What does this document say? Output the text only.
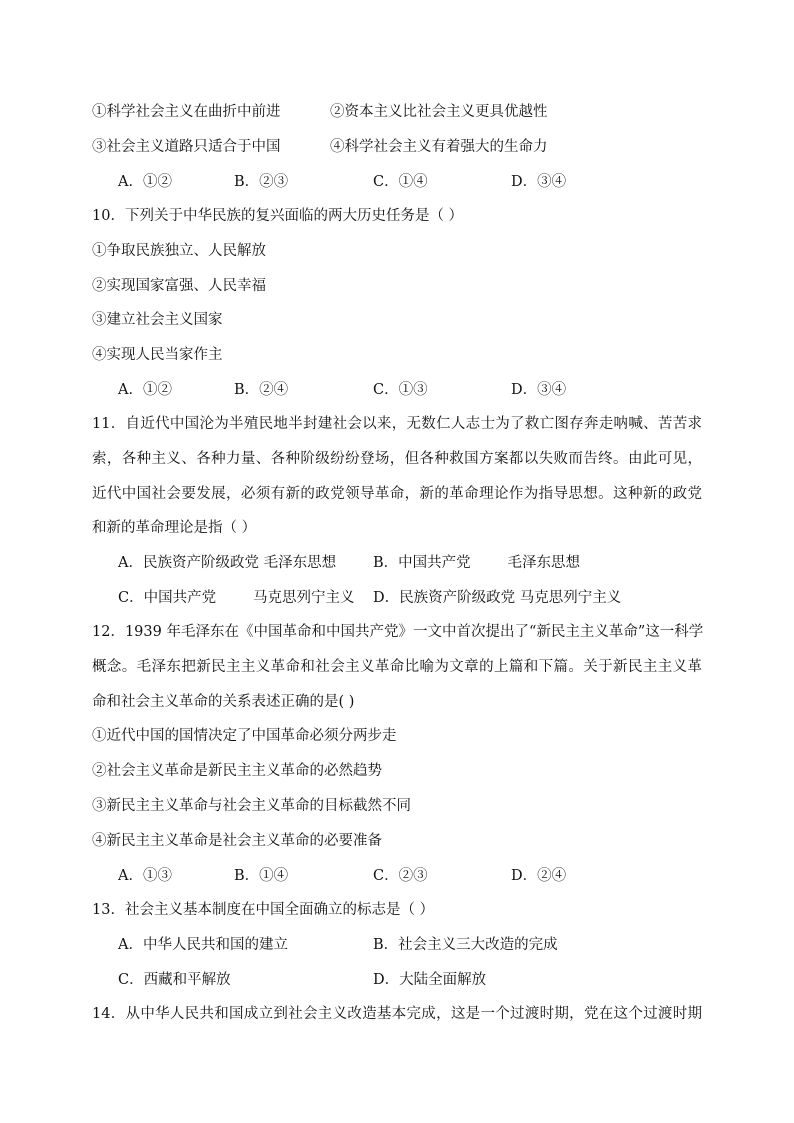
①科学社会主义在曲折中前进	②资本主义比社会主义更具优越性
③社会主义道路只适合于中国	④科学社会主义有着强大的生命力
A．①②	B．②③	C．①④	D．③④
10．下列关于中华民族的复兴面临的两大历史任务是（ ）
①争取民族独立、人民解放
②实现国家富强、人民幸福
③建立社会主义国家
④实现人民当家作主
A．①②	B．②④	C．①③	D．③④
11．自近代中国沦为半殖民地半封建社会以来，无数仁人志士为了救亡图存奔走呐喊、苦苦求
索，各种主义、各种力量、各种阶级纷纷登场，但各种救国方案都以失败而告终。由此可见，
近代中国社会要发展，必须有新的政党领导革命，新的革命理论作为指导思想。这种新的政党
和新的革命理论是指（ ）
A．民族资产阶级政党 毛泽东思想	B．中国共产党        毛泽东思想
C．中国共产党        马克思列宁主义 D．民族资产阶级政党 马克思列宁主义
12．1939 年毛泽东在《中国革命和中国共产党》一文中首次提出了“新民主主义革命”这一科学
概念。毛泽东把新民主主义革命和社会主义革命比喻为文章的上篇和下篇。关于新民主主义革
命和社会主义革命的关系表述正确的是( )
①近代中国的国情决定了中国革命必须分两步走
②社会主义革命是新民主主义革命的必然趋势
③新民主主义革命与社会主义革命的目标截然不同
④新民主主义革命是社会主义革命的必要准备
A．①③	B．①④	C．②③	D．②④
13．社会主义基本制度在中国全面确立的标志是（ ）
A．中华人民共和国的建立	B．社会主义三大改造的完成
C．西藏和平解放	D．大陆全面解放
14．从中华人民共和国成立到社会主义改造基本完成，这是一个过渡时期，党在这个过渡时期
